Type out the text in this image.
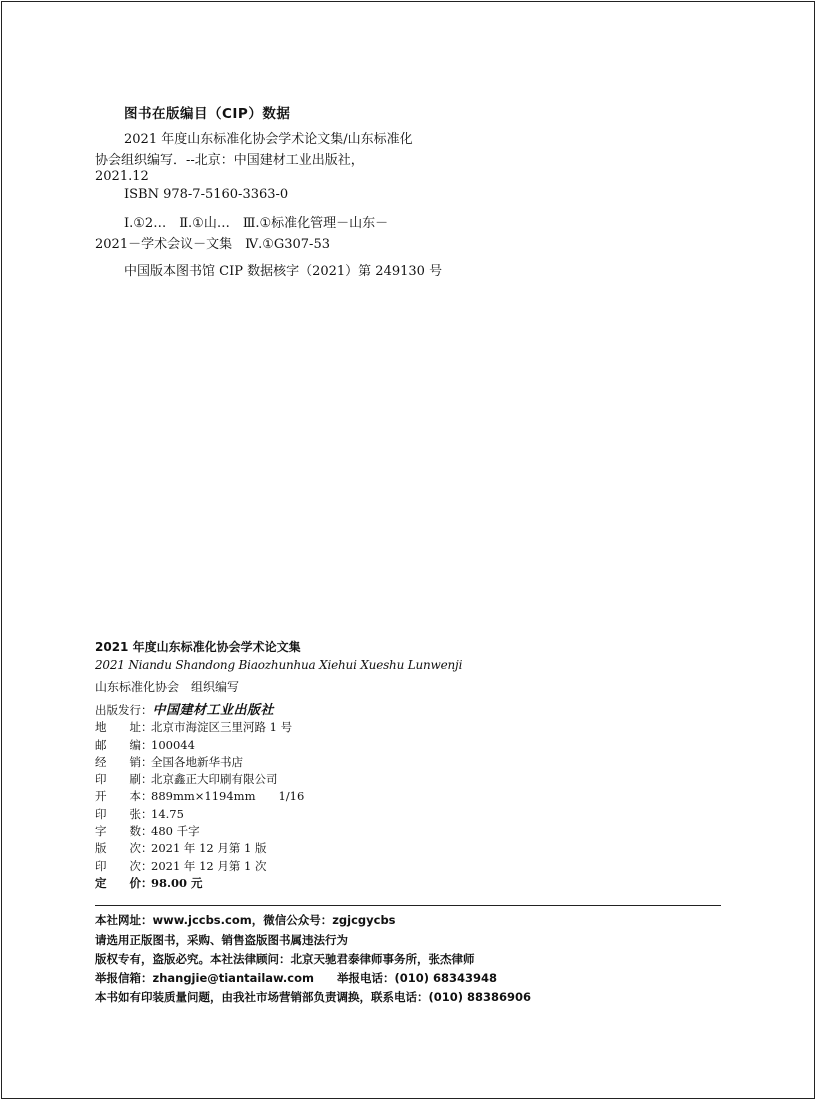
图书在版编目（CIP）数据
2021 年度山东标准化协会学术论文集/山东标准化
协会组织编写．--北京：中国建材工业出版社，
2021.12
ISBN 978-7-5160-3363-0
Ⅰ.①2…　Ⅱ.①山…　Ⅲ.①标准化管理－山东－
2021－学术会议－文集　Ⅳ.①G307-53
中国版本图书馆 CIP 数据核字（2021）第 249130 号
2021 年度山东标准化协会学术论文集
2021 Niandu Shandong Biaozhunhua Xiehui Xueshu Lunwenji
山东标准化协会　组织编写
出版发行： 中国建材工业出版社
地　　址：
北京市海淀区三里河路 1 号
邮　　编：
100044
经　　销：
全国各地新华书店
印　　刷：
北京鑫正大印刷有限公司
开　　本：
889mm×1194mm　　1/16
印　　张：
14.75
字　　数：
480 千字
版　　次：
2021 年 12 月第 1 版
印　　次：
2021 年 12 月第 1 次
定　　价：
98.00 元
本社网址：www.jccbs.com，微信公众号：zgjcgycbs
请选用正版图书，采购、销售盗版图书属违法行为
版权专有，盗版必究。本社法律顾问：北京天驰君泰律师事务所，张杰律师
举报信箱：zhangjie@tiantailaw.com　　举报电话：(010) 68343948
本书如有印装质量问题，由我社市场营销部负责调换，联系电话：(010) 88386906
